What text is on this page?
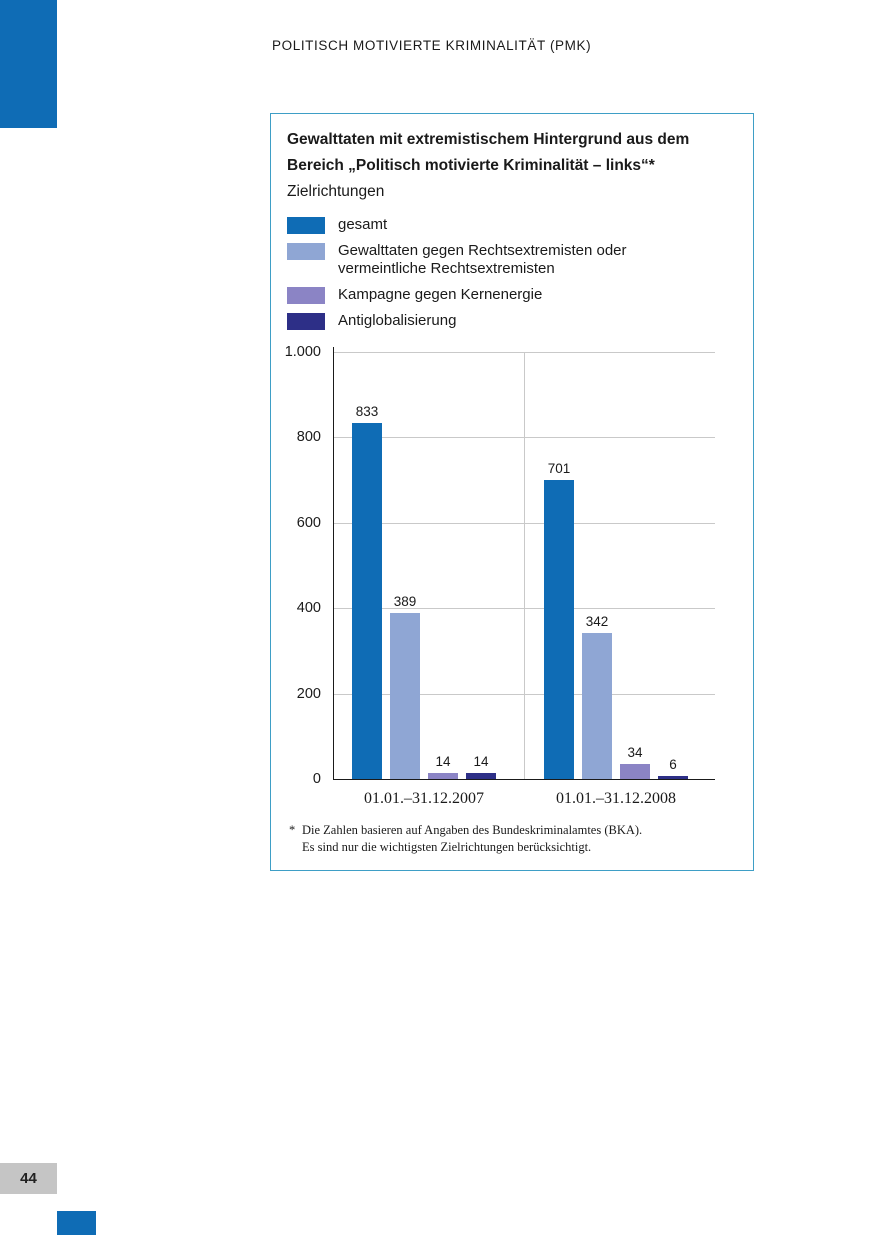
POLITISCH MOTIVIERTE KRIMINALITÄT (PMK)
Gewalttaten mit extremistischem Hintergrund aus dem
Bereich „Politisch motivierte Kriminalität – links“*
Zielrichtungen
gesamt
Gewalttaten gegen Rechtsextremisten oder vermeintliche Rechtsextremisten
Kampagne gegen Kernenergie
Antiglobalisierung
1.000
800
600
400
200
0
833
389
14 14
01.01.–31.12.2007
701
342
34
6
01.01.–31.12.2008
* Die Zahlen basieren auf Angaben des Bundeskriminalamtes (BKA).
Es sind nur die wichtigsten Zielrichtungen berücksichtigt.
44
